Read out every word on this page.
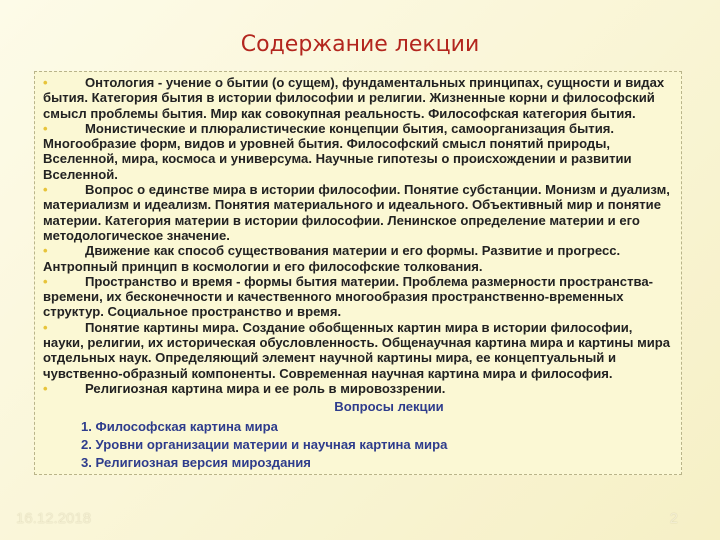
Содержание лекции

•	Онтология - учение о бытии (о сущем), фундаментальных принципах, сущности и видах бытия. Категория бытия в истории философии и религии. Жизненные корни и философский смысл проблемы бытия. Мир как совокупная реальность. Философская категория бытия.

•	Монистические и плюралистические концепции бытия, самоорганизация бытия. Многообразие форм, видов и уровней бытия. Философский смысл понятий природы, Вселенной, мира, космоса и универсума. Научные гипотезы о происхождении и развитии Вселенной.

•	Вопрос о единстве мира в истории философии. Понятие субстанции. Монизм и дуализм, материализм и идеализм. Понятия материального и идеального. Объективный мир и понятие материи. Категория материи в истории философии. Ленинское определение материи и его методологическое значение.

•	Движение как способ существования материи и его формы. Развитие и прогресс. Антропный принцип в космологии и его философские толкования.

•	Пространство и время - формы бытия материи. Проблема размерности пространства-времени, их бесконечности и качественного многообразия пространственно-временных структур. Социальное пространство и время.

•	Понятие картины мира. Создание обобщенных картин мира в истории философии, науки, религии, их историческая обусловленность. Общенаучная картина мира и картины мира отдельных наук. Определяющий элемент научной картины мира, ее концептуальный и чувственно-образный компоненты. Современная научная картина мира и философия.

•	Религиозная картина мира и ее роль в мировоззрении.

Вопросы лекции

1. Философская картина мира

2. Уровни организации материи и научная картина мира

3. Религиозная версия мироздания

16.12.2018	2
